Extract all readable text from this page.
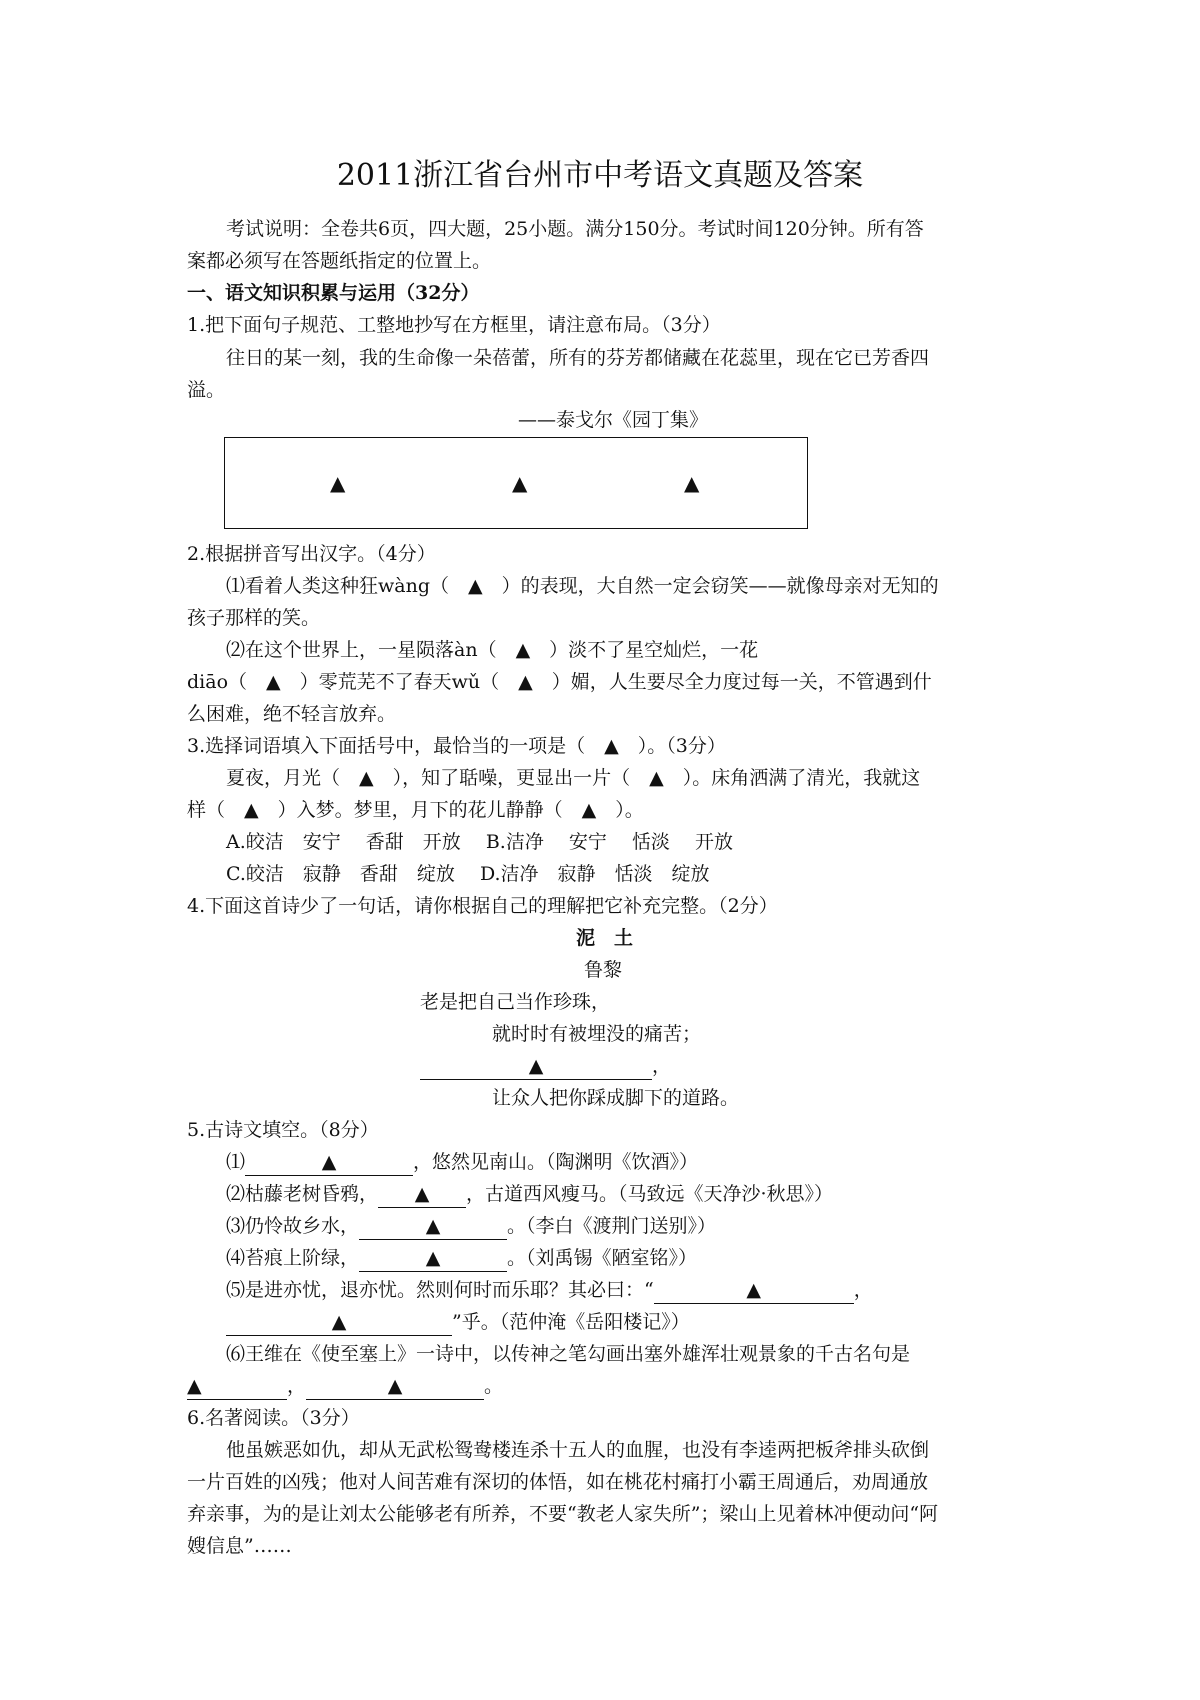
2011浙江省台州市中考语文真题及答案
考试说明：全卷共6页，四大题，25小题。满分150分。考试时间120分钟。所有答
案都必须写在答题纸指定的位置上。
一、语文知识积累与运用（32分）
1.把下面句子规范、工整地抄写在方框里，请注意布局。（3分）
往日的某一刻，我的生命像一朵蓓蕾，所有的芬芳都储藏在花蕊里，现在它已芳香四
溢。
——泰戈尔《园丁集》
▲	▲	▲
2.根据拼音写出汉字。（4分）
⑴看着人类这种狂wàng（　▲　）的表现，大自然一定会窃笑——就像母亲对无知的
孩子那样的笑。
⑵在这个世界上，一星陨落àn（　▲　）淡不了星空灿烂，一花
diāo（　▲　）零荒芜不了春天wǔ（　▲　）媚，人生要尽全力度过每一关，不管遇到什
么困难，绝不轻言放弃。
3.选择词语填入下面括号中，最恰当的一项是（　▲　）。（3分）
夏夜，月光（　▲　），知了聒噪，更显出一片（　▲　）。床角洒满了清光，我就这
样（　▲　）入梦。梦里，月下的花儿静静（　▲　）。
A.皎洁　安宁　 香甜　开放　 B.洁净　 安宁　 恬淡　 开放
C.皎洁　寂静　香甜　绽放　 D.洁净　寂静　恬淡　绽放
4.下面这首诗少了一句话，请你根据自己的理解把它补充完整。（2分）
泥　土
鲁黎
老是把自己当作珍珠，
就时时有被埋没的痛苦；
▲	，
让众人把你踩成脚下的道路。
5.古诗文填空。（8分）
⑴	▲	，悠然见南山。（陶渊明《饮酒》）
⑵枯藤老树昏鸦， ▲ ，古道西风瘦马。（马致远《天净沙·秋思》）
⑶仍怜故乡水，	▲	。（李白《渡荆门送别》）
⑷苔痕上阶绿，	▲	。（刘禹锡《陋室铭》）
⑸是进亦忧，退亦忧。然则何时而乐耶？其必曰：“	▲	，
▲	”乎。（范仲淹《岳阳楼记》）
⑹王维在《使至塞上》一诗中，以传神之笔勾画出塞外雄浑壮观景象的千古名句是
▲	，	▲	。
6.名著阅读。（3分）
他虽嫉恶如仇，却从无武松鸳鸯楼连杀十五人的血腥，也没有李逵两把板斧排头砍倒
一片百姓的凶残；他对人间苦难有深切的体悟，如在桃花村痛打小霸王周通后，劝周通放
弃亲事，为的是让刘太公能够老有所养，不要“教老人家失所”；梁山上见着林冲便动问“阿
嫂信息”……
